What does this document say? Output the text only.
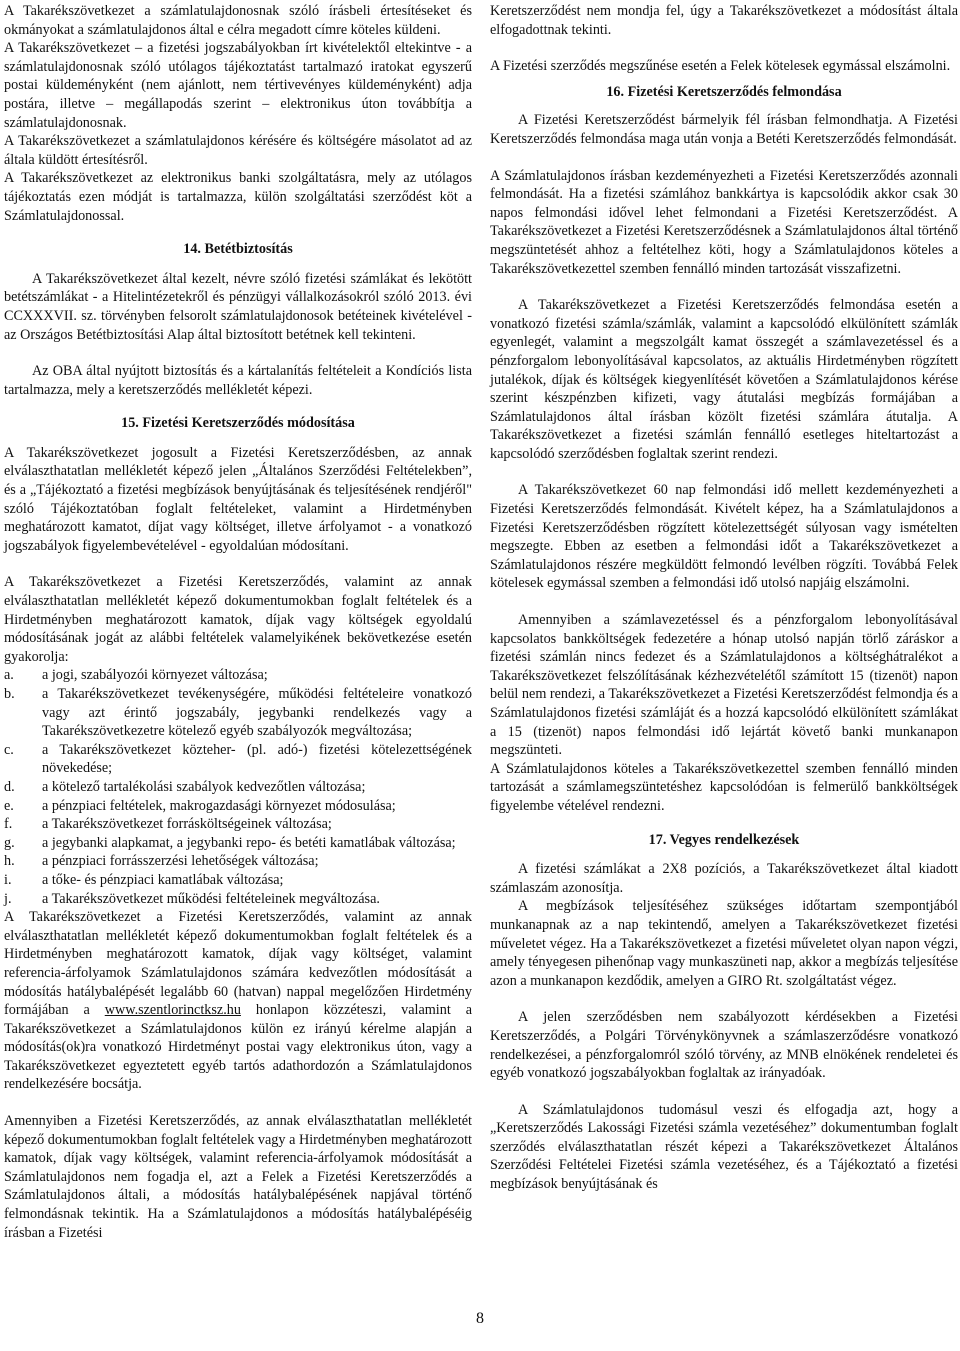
A Takarékszövetkezet a számlatulajdonosnak szóló írásbeli értesítéseket és okmányokat a számlatulajdonos által e célra megadott címre köteles küldeni.

A Takarékszövetkezet – a fizetési jogszabályokban írt kivételektől eltekintve - a számlatulajdonosnak szóló utólagos tájékoztatást tartalmazó iratokat egyszerű postai küldeményként (nem ajánlott, nem tértivevényes küldeményként) adja postára, illetve – megállapodás szerint – elektronikus úton továbbítja a számlatulajdonosnak.

A Takarékszövetkezet a számlatulajdonos kérésére és költségére másolatot ad az általa küldött értesítésről.

A Takarékszövetkezet az elektronikus banki szolgáltatásra, mely az utólagos tájékoztatás ezen módját is tartalmazza, külön szolgáltatási szerződést köt a Számlatulajdonossal.

14. Betétbiztosítás

A Takarékszövetkezet által kezelt, névre szóló fizetési számlákat és lekötött betétszámlákat - a Hitelintézetekről és pénzügyi vállalkozásokról szóló 2013. évi CCXXXVII. sz. törvényben felsorolt számlatulajdonosok betéteinek kivételével - az Országos Betétbiztosítási Alap által biztosított betétnek kell tekinteni.

Az OBA által nyújtott biztosítás és a kártalanítás feltételeit a Kondíciós lista tartalmazza, mely a keretszerződés mellékletét képezi.

15. Fizetési Keretszerződés módosítása

A Takarékszövetkezet jogosult a Fizetési Keretszerződésben, az annak elválaszthatatlan mellékletét képező jelen „Általános Szerződési Feltételekben”, és a „Tájékoztató a fizetési megbízások benyújtásának és teljesítésének rendjéről" szóló Tájékoztatóban foglalt feltételeket, valamint a Hirdetményben meghatározott kamatot, díjat vagy költséget, illetve árfolyamot - a vonatkozó jogszabályok figyelembevételével - egyoldalúan módosítani.

A Takarékszövetkezet a Fizetési Keretszerződés, valamint az annak elválaszthatatlan mellékletét képező dokumentumokban foglalt feltételek és a Hirdetményben meghatározott kamatok, díjak vagy költségek egyoldalú módosításának jogát az alábbi feltételek valamelyikének bekövetkezése esetén gyakorolja:

a.	a jogi, szabályozói környezet változása;
b.	a Takarékszövetkezet tevékenységére, működési feltételeire vonatkozó vagy azt érintő jogszabály, jegybanki rendelkezés vagy a Takarékszövetkezetre kötelező egyéb szabályozók megváltozása;
c.	a Takarékszövetkezet közteher- (pl. adó-) fizetési kötelezettségének növekedése;
d.	a kötelező tartalékolási szabályok kedvezőtlen változása;
e.	a pénzpiaci feltételek, makrogazdasági környezet módosulása;
f.	a Takarékszövetkezet forrásköltségeinek változása;
g.	a jegybanki alapkamat, a jegybanki repo- és betéti kamatlábak változása;
h.	a pénzpiaci forrásszerzési lehetőségek változása;
i.	a tőke- és pénzpiaci kamatlábak változása;
j.	a Takarékszövetkezet működési feltételeinek megváltozása.

A Takarékszövetkezet a Fizetési Keretszerződés, valamint az annak elválaszthatatlan mellékletét képező dokumentumokban foglalt feltételek és a Hirdetményben meghatározott kamatok, díjak vagy költséget, valamint referencia-árfolyamok Számlatulajdonos számára kedvezőtlen módosítását a módosítás hatálybalépését legalább 60 (hatvan) nappal megelőzően Hirdetmény formájában a www.szentlorinctksz.hu honlapon közzéteszi, valamint a Takarékszövetkezet a Számlatulajdonos külön ez irányú kérelme alapján a módosítás(ok)ra vonatkozó Hirdetményt postai vagy elektronikus úton, vagy a Takarékszövetkezet egyeztetett egyéb tartós adathordozón a Számlatulajdonos rendelkezésére bocsátja.

Amennyiben a Fizetési Keretszerződés, az annak elválaszthatatlan mellékletét képező dokumentumokban foglalt feltételek vagy a Hirdetményben meghatározott kamatok, díjak vagy költségek, valamint referencia-árfolyamok módosítását a Számlatulajdonos nem fogadja el, azt a Felek a Fizetési Keretszerződés a Számlatulajdonos általi, a módosítás hatálybalépésének napjával történő felmondásnak tekintik. Ha a Számlatulajdonos a módosítás hatálybalépéséig írásban a Fizetési

Keretszerződést nem mondja fel, úgy a Takarékszövetkezet a módosítást általa elfogadottnak tekinti.

A Fizetési szerződés megszűnése esetén a Felek kötelesek egymással elszámolni.

16. Fizetési Keretszerződés felmondása

A Fizetési Keretszerződést bármelyik fél írásban felmondhatja. A Fizetési Keretszerződés felmondása maga után vonja a Betéti Keretszerződés felmondását.

A Számlatulajdonos írásban kezdeményezheti a Fizetési Keretszerződés azonnali felmondását. Ha a fizetési számlához bankkártya is kapcsolódik akkor csak 30 napos felmondási idővel lehet felmondani a Fizetési Keretszerződést. A Takarékszövetkezet a Fizetési Keretszerződésnek a Számlatulajdonos által történő megszüntetését ahhoz a feltételhez köti, hogy a Számlatulajdonos köteles a Takarékszövetkezettel szemben fennálló minden tartozását visszafizetni.

A Takarékszövetkezet a Fizetési Keretszerződés felmondása esetén a vonatkozó fizetési számla/számlák, valamint a kapcsolódó elkülönített számlák egyenlegét, valamint a megszolgált kamat összegét a számlavezetéssel és a pénzforgalom lebonyolításával kapcsolatos, az aktuális Hirdetményben rögzített jutalékok, díjak és költségek kiegyenlítését követően a Számlatulajdonos kérése szerint készpénzben kifizeti, vagy átutalási megbízás formájában a Számlatulajdonos által írásban közölt fizetési számlára átutalja. A Takarékszövetkezet a fizetési számlán fennálló esetleges hiteltartozást a kapcsolódó szerződésben foglaltak szerint rendezi.

A Takarékszövetkezet 60 nap felmondási idő mellett kezdeményezheti a Fizetési Keretszerződés felmondását. Kivételt képez, ha a Számlatulajdonos a Fizetési Keretszerződésben rögzített kötelezettségét súlyosan vagy ismételten megszegte. Ebben az esetben a felmondási időt a Takarékszövetkezet a Számlatulajdonos részére megküldött felmondó levélben rögzíti. Továbbá Felek kötelesek egymással szemben a felmondási idő utolsó napjáig elszámolni.

Amennyiben a számlavezetéssel és a pénzforgalom lebonyolításával kapcsolatos bankköltségek fedezetére a hónap utolsó napján törlő záráskor a fizetési számlán nincs fedezet és a Számlatulajdonos a költséghátralékot a Takarékszövetkezet felszólításának kézhezvételétől számított 15 (tizenöt) napon belül nem rendezi, a Takarékszövetkezet a Fizetési Keretszerződést felmondja és a Számlatulajdonos fizetési számláját és a hozzá kapcsolódó elkülönített számlákat a 15 (tizenöt) napos felmondási idő lejártát követő banki munkanapon megszünteti.

A Számlatulajdonos köteles a Takarékszövetkezettel szemben fennálló minden tartozását a számlamegszüntetéshez kapcsolódóan is felmerülő bankköltségek figyelembe vételével rendezni.

17. Vegyes rendelkezések

A fizetési számlákat a 2X8 pozíciós, a Takarékszövetkezet által kiadott számlaszám azonosítja.

A megbízások teljesítéséhez szükséges időtartam szempontjából munkanapnak az a nap tekintendő, amelyen a Takarékszövetkezet fizetési műveletet végez. Ha a Takarékszövetkezet a fizetési műveletet olyan napon végzi, amely tényegesen pihenőnap vagy munkaszüneti nap, akkor a megbízás teljesítése azon a munkanapon kezdődik, amelyen a GIRO Rt. szolgáltatást végez.

A jelen szerződésben nem szabályozott kérdésekben a Fizetési Keretszerződés, a Polgári Törvénykönyvnek a számlaszerződésre vonatkozó rendelkezései, a pénzforgalomról szóló törvény, az MNB elnökének rendeletei és egyéb vonatkozó jogszabályokban foglaltak az irányadóak.

A Számlatulajdonos tudomásul veszi és elfogadja azt, hogy a „Keretszerződés Lakossági Fizetési számla vezetéséhez” dokumentumban foglalt szerződés elválaszthatatlan részét képezi a Takarékszövetkezet Általános Szerződési Feltételei Fizetési számla vezetéséhez, és a Tájékoztató a fizetési megbízások benyújtásának és

8
